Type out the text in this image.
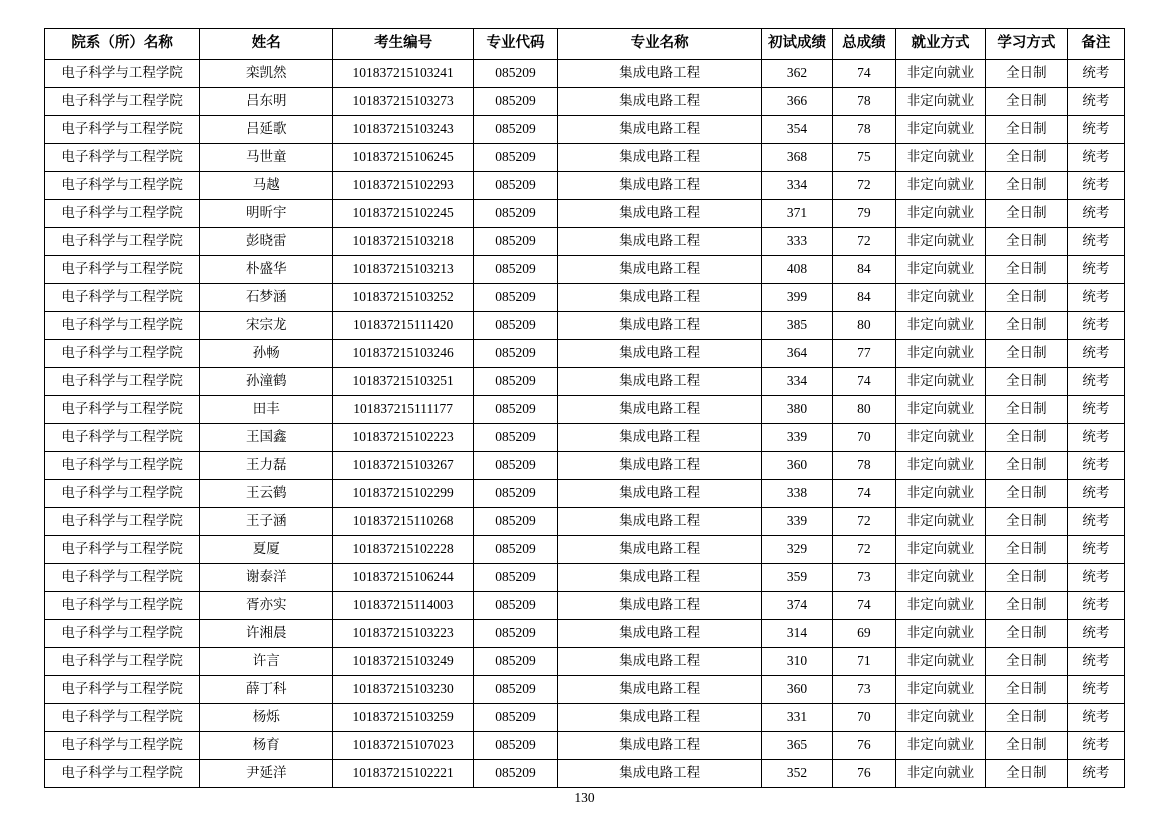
院系（所）名称	姓名	考生编号	专业代码	专业名称	初试成绩	总成绩	就业方式	学习方式	备注
电子科学与工程学院	栾凯然	101837215103241	085209	集成电路工程	362	74	非定向就业	全日制	统考
电子科学与工程学院	吕东明	101837215103273	085209	集成电路工程	366	78	非定向就业	全日制	统考
电子科学与工程学院	吕延歌	101837215103243	085209	集成电路工程	354	78	非定向就业	全日制	统考
电子科学与工程学院	马世童	101837215106245	085209	集成电路工程	368	75	非定向就业	全日制	统考
电子科学与工程学院	马越	101837215102293	085209	集成电路工程	334	72	非定向就业	全日制	统考
电子科学与工程学院	明昕宇	101837215102245	085209	集成电路工程	371	79	非定向就业	全日制	统考
电子科学与工程学院	彭晓雷	101837215103218	085209	集成电路工程	333	72	非定向就业	全日制	统考
电子科学与工程学院	朴盛华	101837215103213	085209	集成电路工程	408	84	非定向就业	全日制	统考
电子科学与工程学院	石梦涵	101837215103252	085209	集成电路工程	399	84	非定向就业	全日制	统考
电子科学与工程学院	宋宗龙	101837215111420	085209	集成电路工程	385	80	非定向就业	全日制	统考
电子科学与工程学院	孙畅	101837215103246	085209	集成电路工程	364	77	非定向就业	全日制	统考
电子科学与工程学院	孙潼鹤	101837215103251	085209	集成电路工程	334	74	非定向就业	全日制	统考
电子科学与工程学院	田丰	101837215111177	085209	集成电路工程	380	80	非定向就业	全日制	统考
电子科学与工程学院	王国鑫	101837215102223	085209	集成电路工程	339	70	非定向就业	全日制	统考
电子科学与工程学院	王力磊	101837215103267	085209	集成电路工程	360	78	非定向就业	全日制	统考
电子科学与工程学院	王云鹤	101837215102299	085209	集成电路工程	338	74	非定向就业	全日制	统考
电子科学与工程学院	王子涵	101837215110268	085209	集成电路工程	339	72	非定向就业	全日制	统考
电子科学与工程学院	夏厦	101837215102228	085209	集成电路工程	329	72	非定向就业	全日制	统考
电子科学与工程学院	谢泰洋	101837215106244	085209	集成电路工程	359	73	非定向就业	全日制	统考
电子科学与工程学院	胥亦实	101837215114003	085209	集成电路工程	374	74	非定向就业	全日制	统考
电子科学与工程学院	许湘晨	101837215103223	085209	集成电路工程	314	69	非定向就业	全日制	统考
电子科学与工程学院	许言	101837215103249	085209	集成电路工程	310	71	非定向就业	全日制	统考
电子科学与工程学院	薛丁科	101837215103230	085209	集成电路工程	360	73	非定向就业	全日制	统考
电子科学与工程学院	杨烁	101837215103259	085209	集成电路工程	331	70	非定向就业	全日制	统考
电子科学与工程学院	杨育	101837215107023	085209	集成电路工程	365	76	非定向就业	全日制	统考
电子科学与工程学院	尹延洋	101837215102221	085209	集成电路工程	352	76	非定向就业	全日制	统考
130
